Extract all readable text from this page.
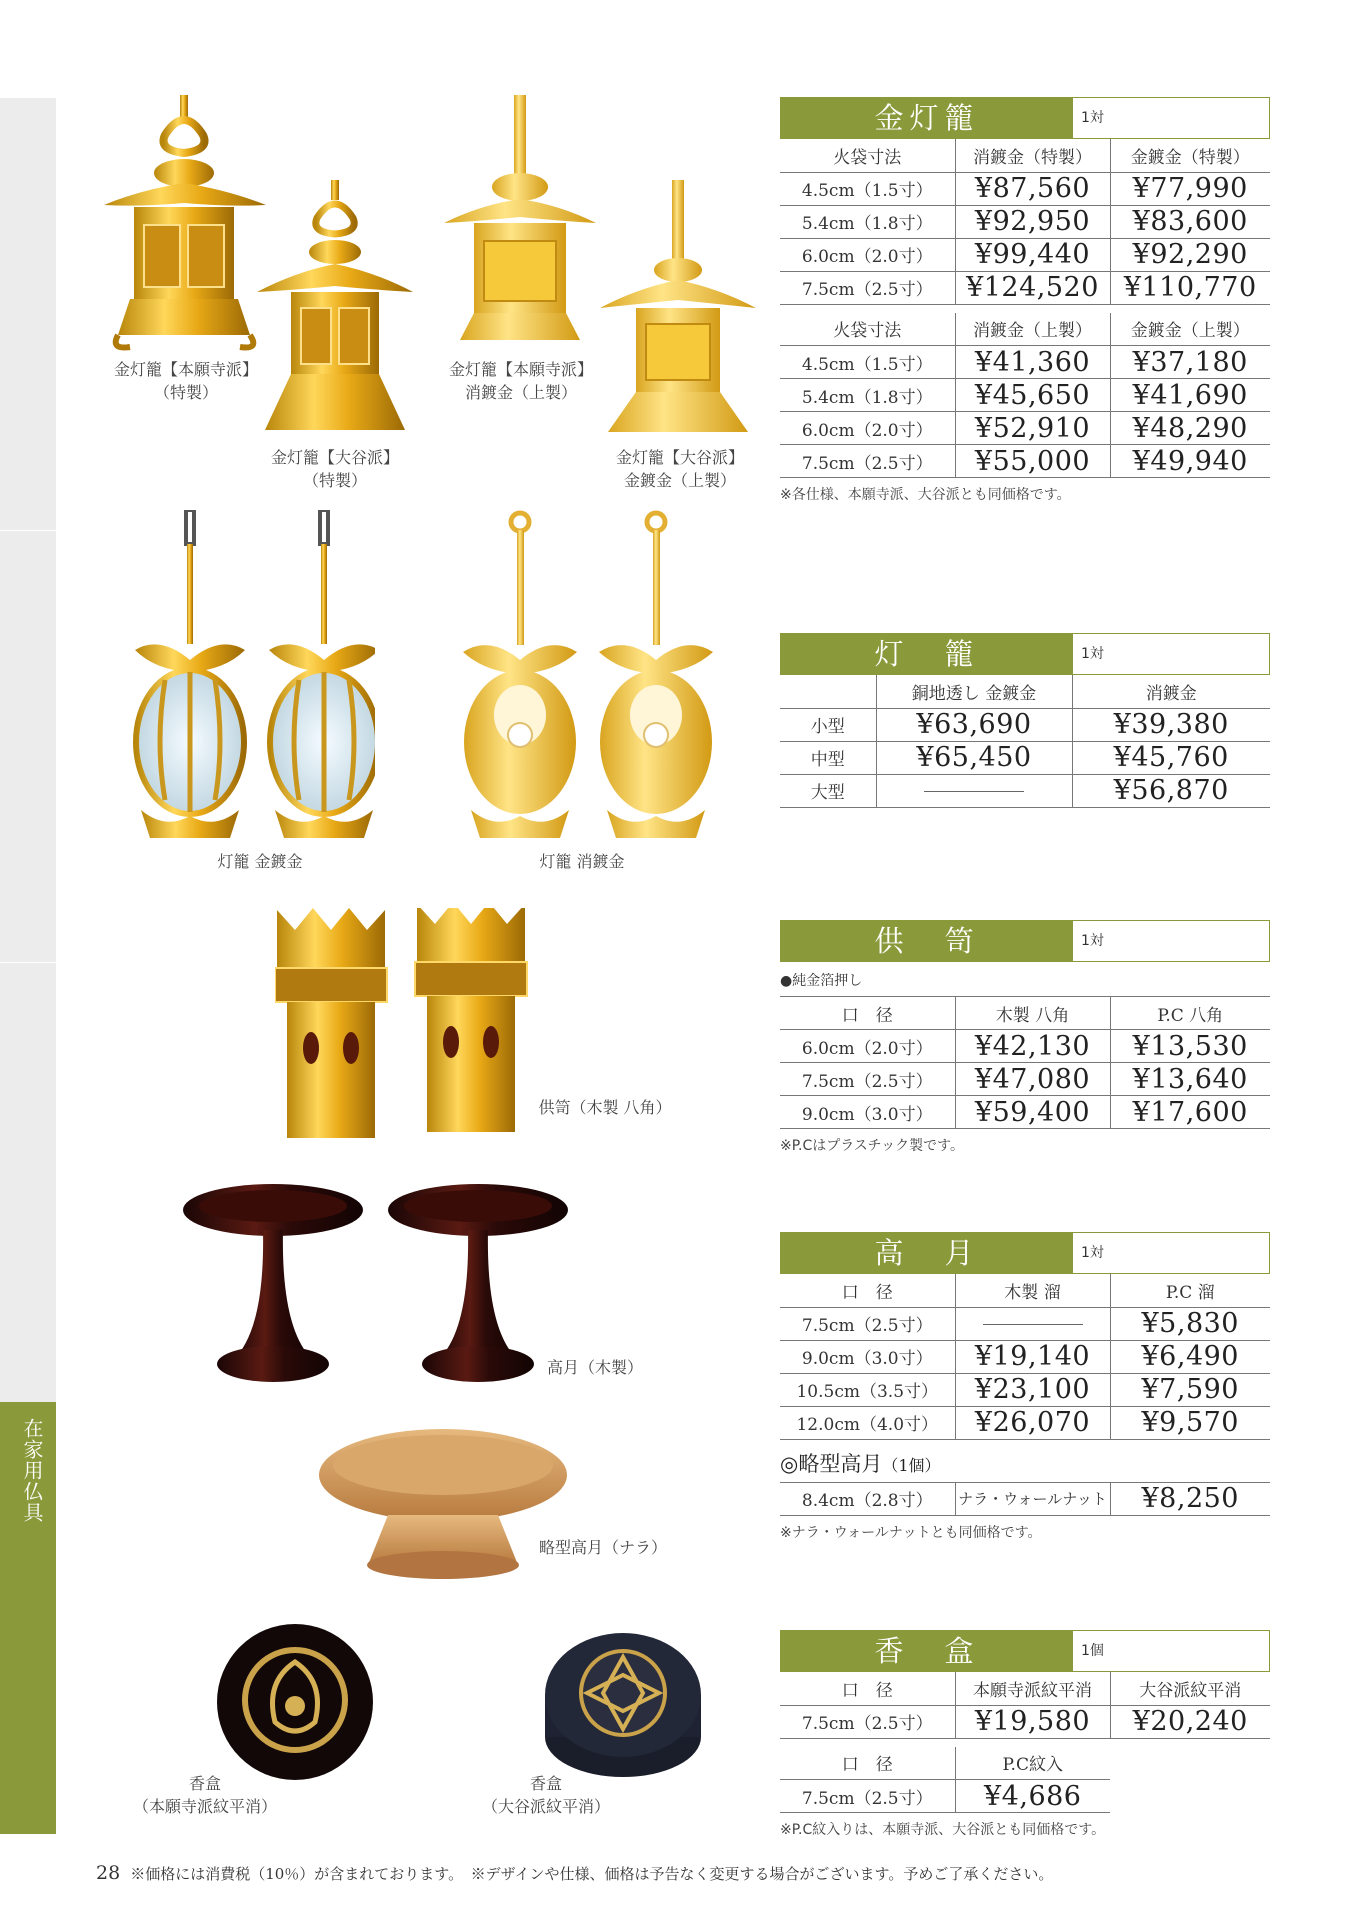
在家用仏具
金灯籠【本願寺派】
（特製）
金灯籠【大谷派】
（特製）
金灯籠【本願寺派】
消鍍金（上製）
金灯籠【大谷派】
金鍍金（上製）
灯籠 金鍍金	灯籠 消鍍金
供笥（木製 八角）
高月（木製）
略型高月（ナラ）
香盒
（本願寺派紋平消）
香盒
（大谷派紋平消）
金灯籠	1対
火袋寸法	消鍍金（特製）	金鍍金（特製）
4.5cm（1.5寸）	¥87,560	¥77,990
5.4cm（1.8寸）	¥92,950	¥83,600
6.0cm（2.0寸）	¥99,440	¥92,290
7.5cm（2.5寸）	¥124,520	¥110,770
火袋寸法	消鍍金（上製）	金鍍金（上製）
4.5cm（1.5寸）	¥41,360	¥37,180
5.4cm（1.8寸）	¥45,650	¥41,690
6.0cm（2.0寸）	¥52,910	¥48,290
7.5cm（2.5寸）	¥55,000	¥49,940
※各仕様、本願寺派、大谷派とも同価格です。
灯　籠	1対
	銅地透し 金鍍金	消鍍金
小型	¥63,690	¥39,380
中型	¥65,450	¥45,760
大型		¥56,870
供　笥	1対
●純金箔押し
口　径	木製 八角	P.C 八角
6.0cm（2.0寸）	¥42,130	¥13,530
7.5cm（2.5寸）	¥47,080	¥13,640
9.0cm（3.0寸）	¥59,400	¥17,600
※P.Cはプラスチック製です。
高　月	1対
口　径	木製 溜	P.C 溜
7.5cm（2.5寸）		¥5,830
9.0cm（3.0寸）	¥19,140	¥6,490
10.5cm（3.5寸）	¥23,100	¥7,590
12.0cm（4.0寸）	¥26,070	¥9,570
◎略型高月（1個）
8.4cm（2.8寸）	ナラ・ウォールナット	¥8,250
※ナラ・ウォールナットとも同価格です。
香　盒	1個
口　径	本願寺派紋平消	大谷派紋平消
7.5cm（2.5寸）	¥19,580	¥20,240
口　径	P.C紋入
7.5cm（2.5寸）	¥4,686
※P.C紋入りは、本願寺派、大谷派とも同価格です。
28 ※価格には消費税（10％）が含まれております。　※デザインや仕様、価格は予告なく変更する場合がございます。予めご了承ください。
